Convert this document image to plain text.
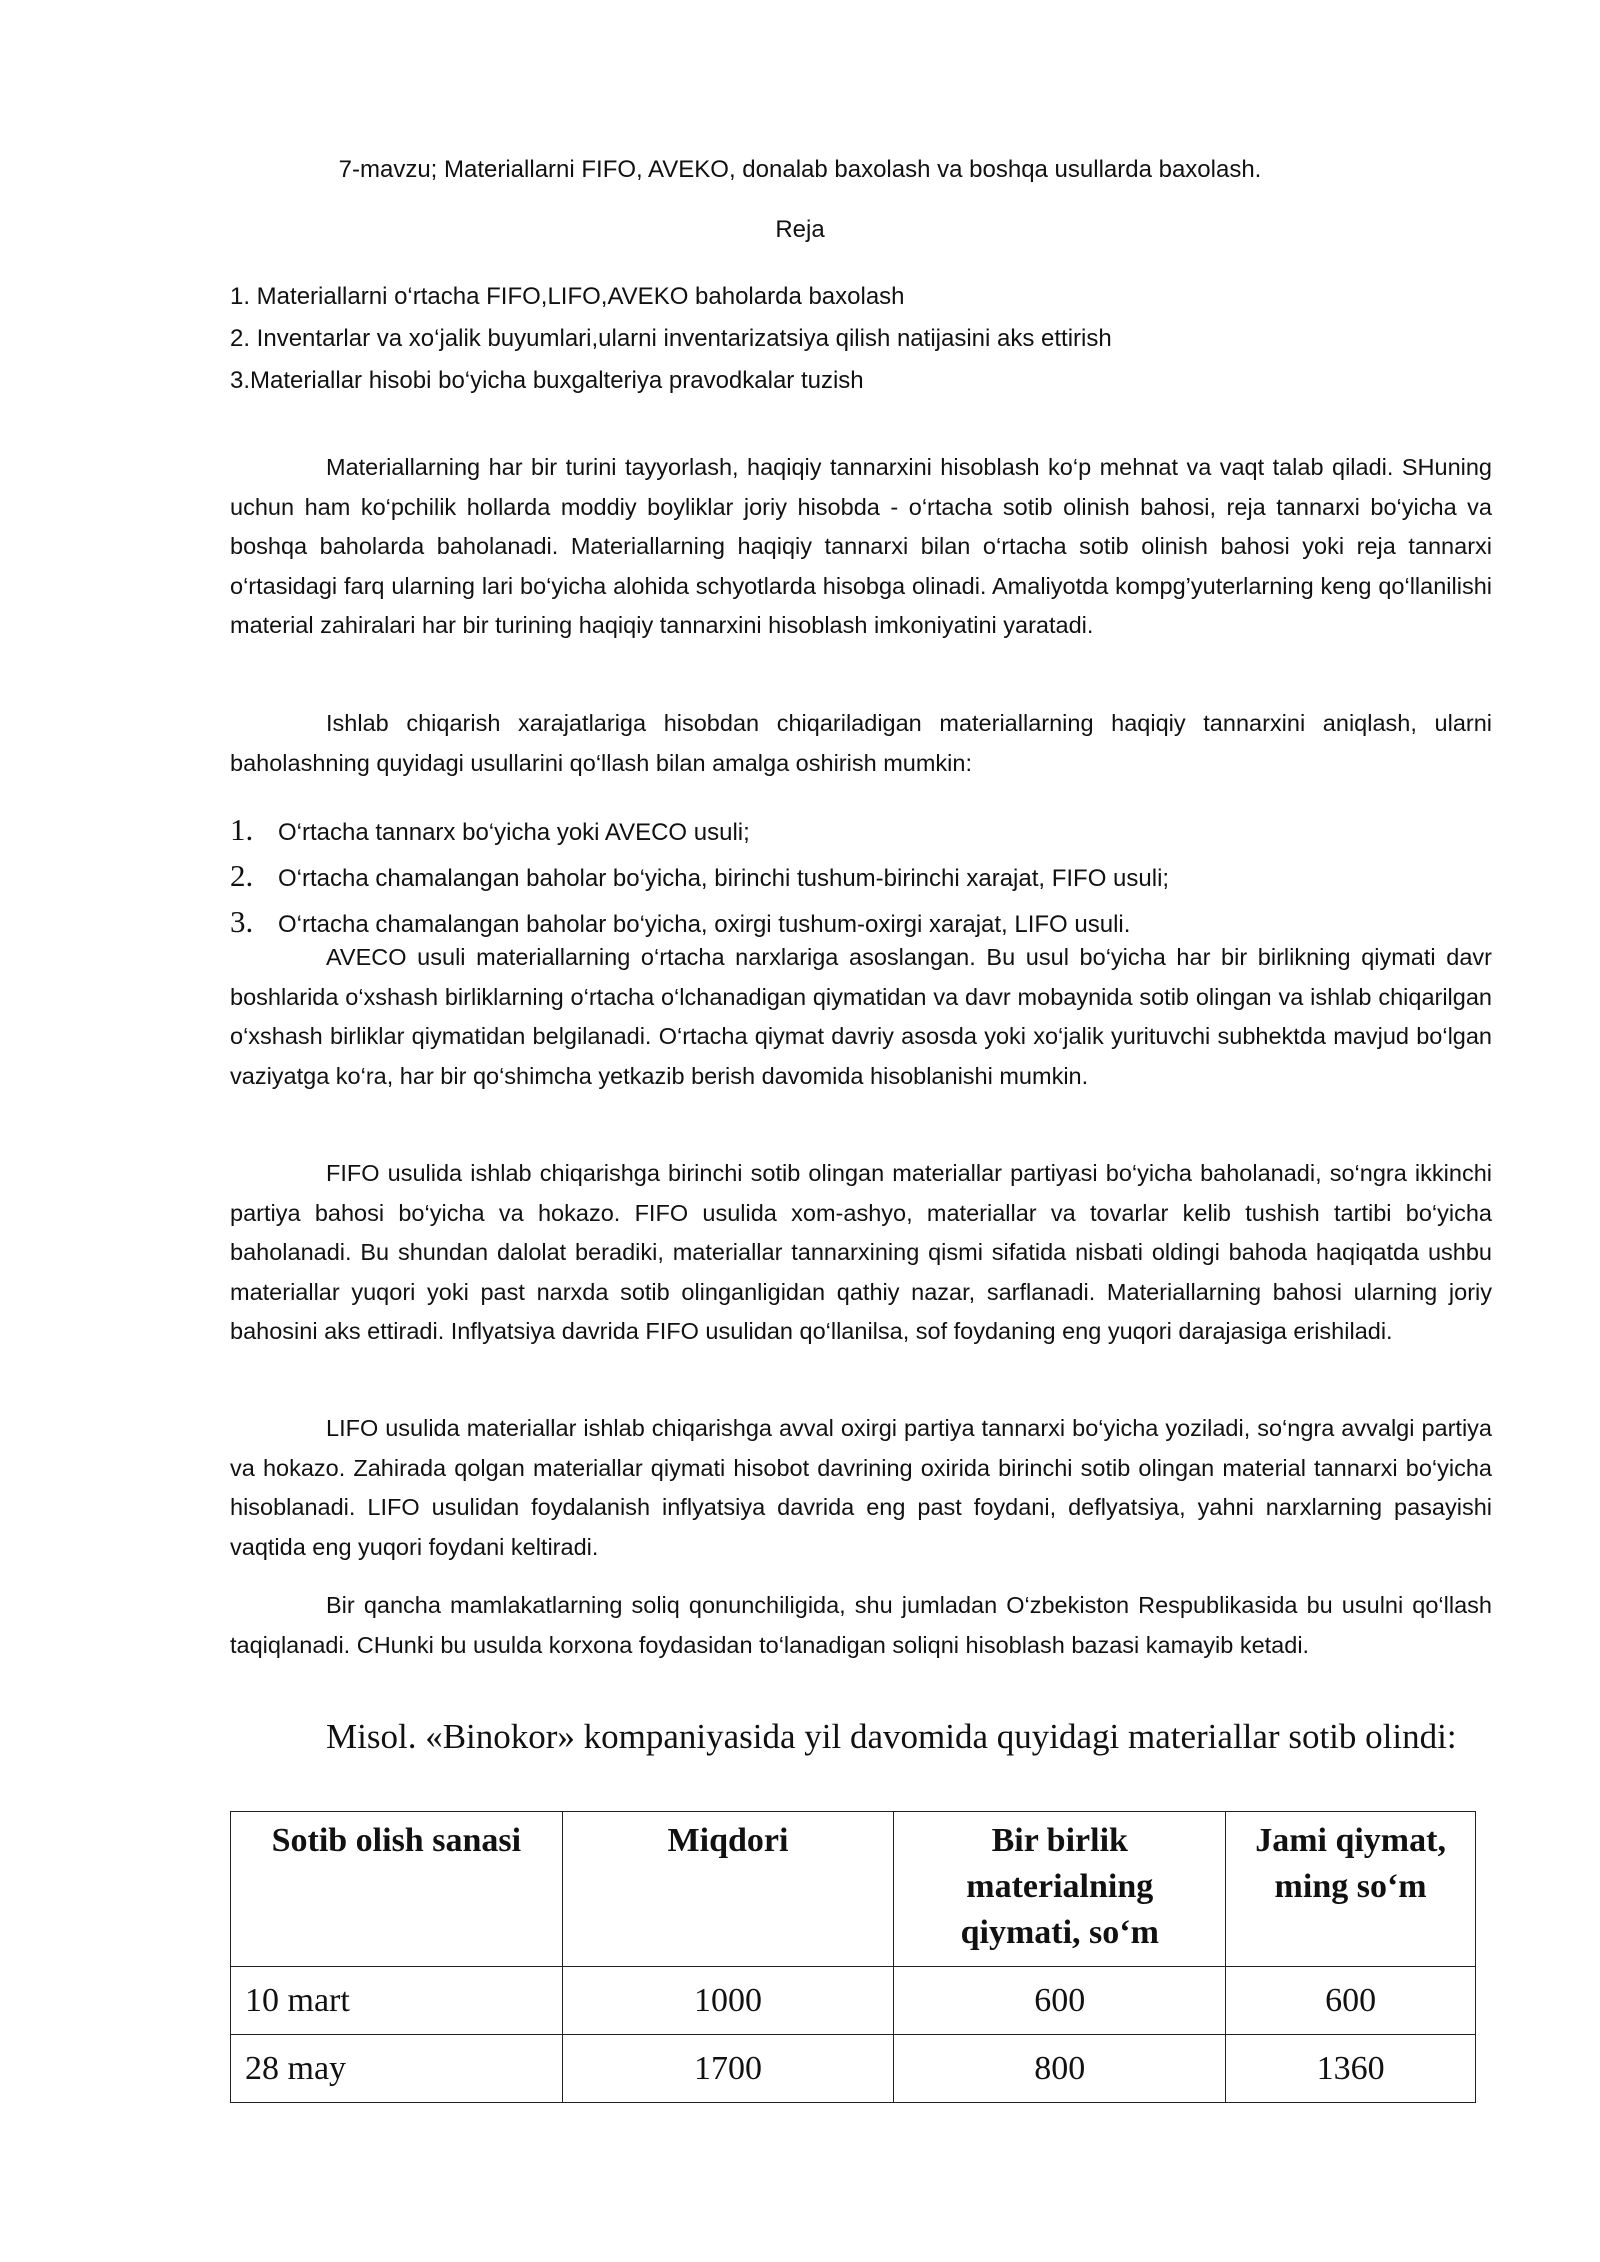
7-mavzu; Materiallarni FIFO, AVEKO, donalab baxolash va boshqa usullarda baxolash.
Reja
1. Materiallarni o‘rtacha FIFO,LIFO,AVEKO baholarda baxolash
2. Inventarlar va xo‘jalik buyumlari,ularni inventarizatsiya qilish natijasini aks ettirish
3.Materiallar hisobi bo‘yicha buxgalteriya pravodkalar tuzish

Materiallarning har bir turini tayyorlash, haqiqiy tannarxini hisoblash ko‘p mehnat va vaqt talab qiladi. SHuning uchun ham ko‘pchilik hollarda moddiy boyliklar joriy hisobda - o‘rtacha sotib olinish bahosi, reja tannarxi bo‘yicha va boshqa baholarda baholanadi. Materiallarning haqiqiy tannarxi bilan o‘rtacha sotib olinish bahosi yoki reja tannarxi o‘rtasidagi farq ularning lari bo‘yicha alohida schyotlarda hisobga olinadi. Amaliyotda kompg’yuterlarning keng qo‘llanilishi material zahiralari har bir turining haqiqiy tannarxini hisoblash imkoniyatini yaratadi.

Ishlab chiqarish xarajatlariga hisobdan chiqariladigan materiallarning haqiqiy tannarxini aniqlash, ularni baholashning quyidagi usullarini qo‘llash bilan amalga oshirish mumkin:

1.	O‘rtacha tannarx bo‘yicha yoki AVECO usuli;
2.	O‘rtacha chamalangan baholar bo‘yicha, birinchi tushum-birinchi xarajat, FIFO usuli;
3.	O‘rtacha chamalangan baholar bo‘yicha, oxirgi tushum-oxirgi xarajat, LIFO usuli.

AVECO usuli materiallarning o‘rtacha narxlariga asoslangan. Bu usul bo‘yicha har bir birlikning qiymati davr boshlarida o‘xshash birliklarning o‘rtacha o‘lchanadigan qiymatidan va davr mobaynida sotib olingan va ishlab chiqarilgan o‘xshash birliklar qiymatidan belgilanadi. O‘rtacha qiymat davriy asosda yoki xo‘jalik yurituvchi subhektda mavjud bo‘lgan vaziyatga ko‘ra, har bir qo‘shimcha yetkazib berish davomida hisoblanishi mumkin.

FIFO usulida ishlab chiqarishga birinchi sotib olingan materiallar partiyasi bo‘yicha baholanadi, so‘ngra ikkinchi partiya bahosi bo‘yicha va hokazo. FIFO usulida xom-ashyo, materiallar va tovarlar kelib tushish tartibi bo‘yicha baholanadi. Bu shundan dalolat beradiki, materiallar tannarxining qismi sifatida nisbati oldingi bahoda haqiqatda ushbu materiallar yuqori yoki past narxda sotib olinganligidan qathiy nazar, sarflanadi. Materiallarning bahosi ularning joriy bahosini aks ettiradi. Inflyatsiya davrida FIFO usulidan qo‘llanilsa, sof foydaning eng yuqori darajasiga erishiladi.

LIFO usulida materiallar ishlab chiqarishga avval oxirgi partiya tannarxi bo‘yicha yoziladi, so‘ngra avvalgi partiya va hokazo. Zahirada qolgan materiallar qiymati hisobot davrining oxirida birinchi sotib olingan material tannarxi bo‘yicha hisoblanadi. LIFO usulidan foydalanish inflyatsiya davrida eng past foydani, deflyatsiya, yahni narxlarning pasayishi vaqtida eng yuqori foydani keltiradi.

Bir qancha mamlakatlarning soliq qonunchiligida, shu jumladan O‘zbekiston Respublikasida bu usulni qo‘llash taqiqlanadi. CHunki bu usulda korxona foydasidan to‘lanadigan soliqni hisoblash bazasi kamayib ketadi.

Misol. «Binokor» kompaniyasida yil davomida quyidagi materiallar sotib olindi:

Sotib olish sanasi	Miqdori	Bir birlik materialning qiymati, so‘m	Jami qiymat, ming so‘m
10 mart	1000	600	600
28 may	1700	800	1360
